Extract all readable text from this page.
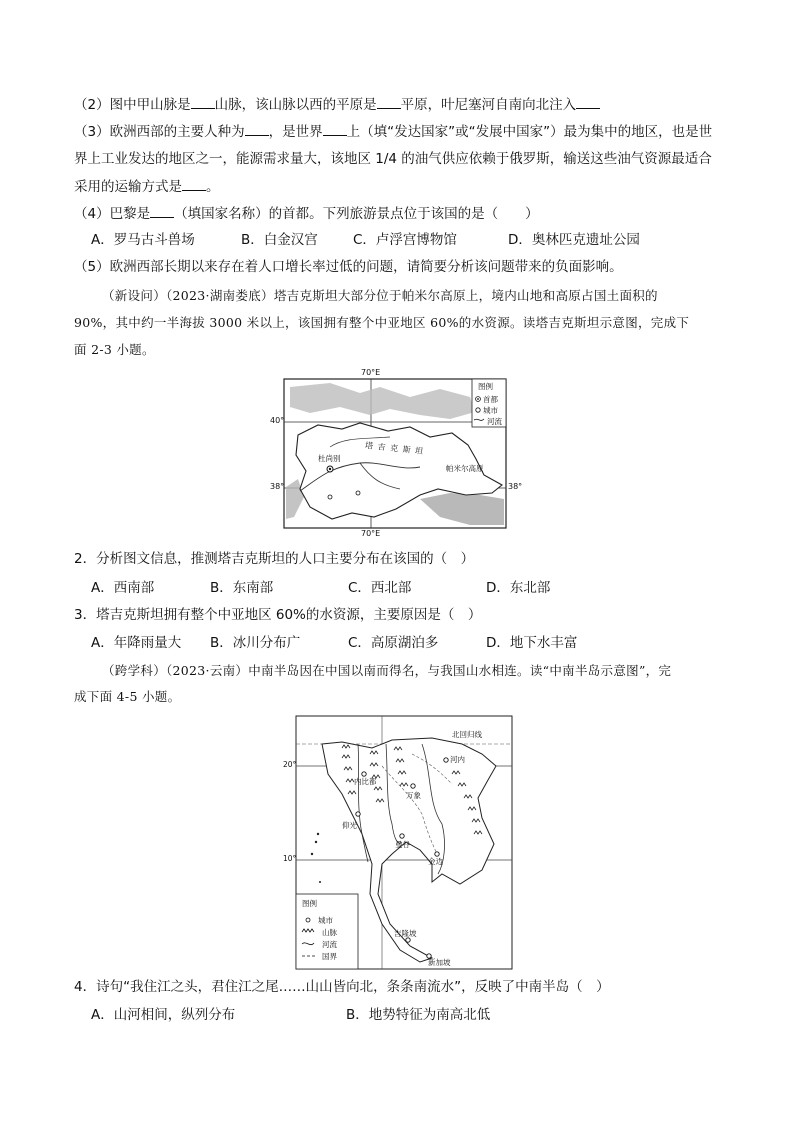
（2）图中甲山脉是 山脉，该山脉以西的平原是 平原，叶尼塞河自南向北注入
（3）欧洲西部的主要人种为 ，是世界 上（填“发达国家”或“发展中国家”）最为集中的地区，也是世
界上工业发达的地区之一，能源需求量大，该地区 1/4 的油气供应依赖于俄罗斯，输送这些油气资源最适合
采用的运输方式是 。
（4）巴黎是 （填国家名称）的首都。下列旅游景点位于该国的是（　　）
A．罗马古斗兽场	B．白金汉宫	C．卢浮宫博物馆	D．奥林匹克遗址公园
（5）欧洲西部长期以来存在着人口增长率过低的问题，请简要分析该问题带来的负面影响。
（新设问）（2023·湖南娄底）塔吉克斯坦大部分位于帕米尔高原上，境内山地和高原占国土面积的
90%，其中约一半海拔 3000 米以上，该国拥有整个中亚地区 60%的水资源。读塔吉克斯坦示意图，完成下
面 2-3 小题。
70°E
70°E
40°
38°	38°
塔 吉 克 斯 坦
杜尚别
帕米尔高原
图例
首都
城市
河流
2．分析图文信息，推测塔吉克斯坦的人口主要分布在该国的（　）
A．西南部	B．东南部	C．西北部	D．东北部
3．塔吉克斯坦拥有整个中亚地区 60%的水资源，主要原因是（　）
A．年降雨量大 B．冰川分布广	C．高原湖泊多	D．地下水丰富
（跨学科）（2023·云南）中南半岛因在中国以南而得名，与我国山水相连。读“中南半岛示意图”，完
成下面 4-5 小题。
北回归线
20°
10°
河内
内比都
万象
仰光
曼谷
金边
吉隆坡
新加坡
图例
城市
山脉
河流
国界
4．诗句“我住江之头，君住江之尾……山山皆向北，条条南流水”，反映了中南半岛（　）
A．山河相间，纵列分布	B．地势特征为南高北低
